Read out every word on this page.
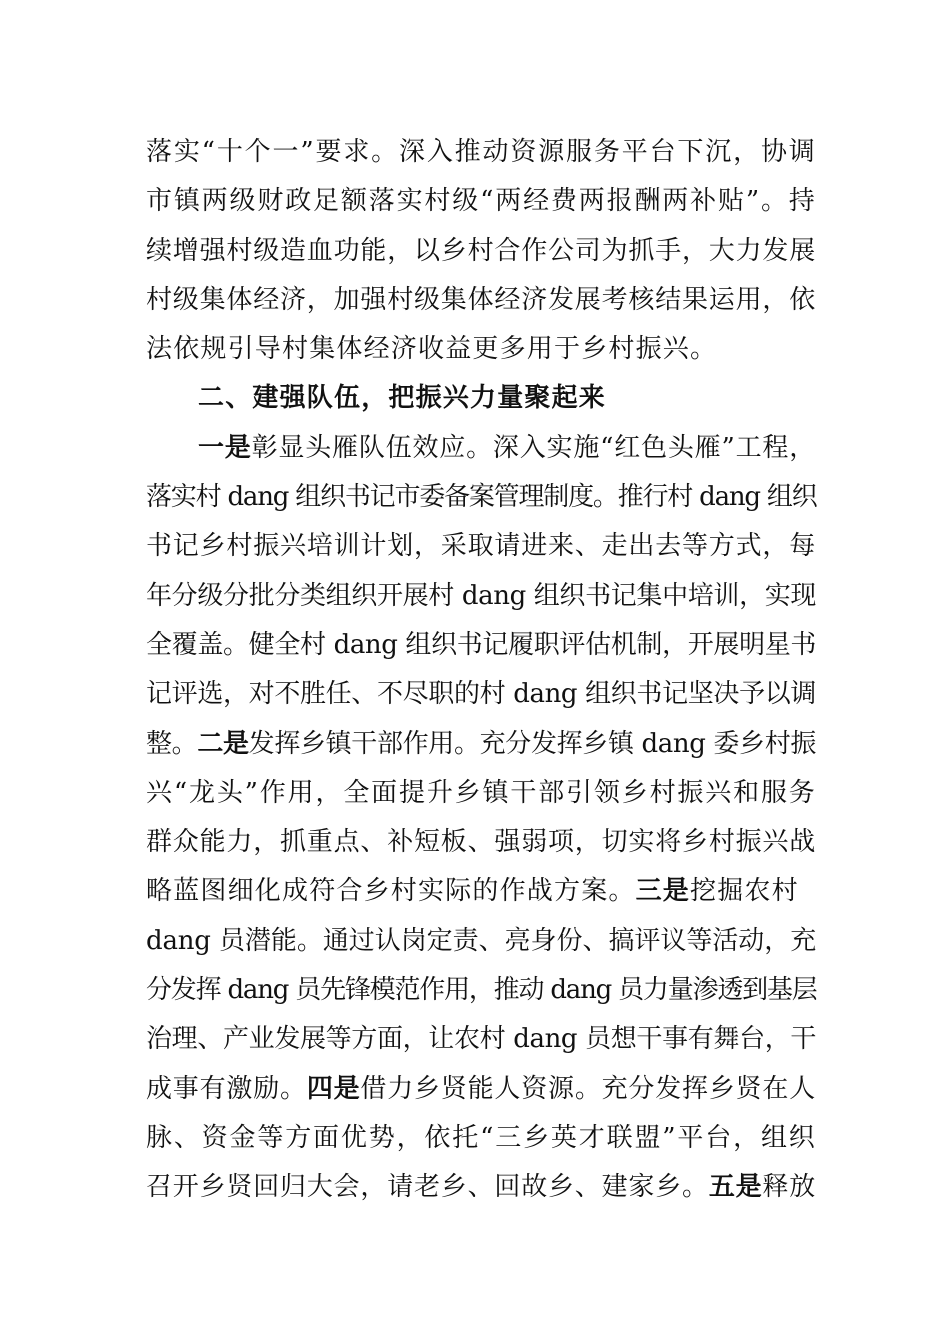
落实“十个一”要求。深入推动资源服务平台下沉，协调
市镇两级财政足额落实村级“两经费两报酬两补贴”。持
续增强村级造血功能，以乡村合作公司为抓手，大力发展
村级集体经济，加强村级集体经济发展考核结果运用，依
法依规引导村集体经济收益更多用于乡村振兴。
二、建强队伍，把振兴力量聚起来
一是彰显头雁队伍效应。深入实施“红色头雁”工程，
落实村 dang 组织书记市委备案管理制度。推行村 dang 组织
书记乡村振兴培训计划，采取请进来、走出去等方式，每
年分级分批分类组织开展村 dang 组织书记集中培训，实现
全覆盖。健全村 dang 组织书记履职评估机制，开展明星书
记评选，对不胜任、不尽职的村 dang 组织书记坚决予以调
整。二是发挥乡镇干部作用。充分发挥乡镇 dang 委乡村振
兴“龙头”作用，全面提升乡镇干部引领乡村振兴和服务
群众能力，抓重点、补短板、强弱项，切实将乡村振兴战
略蓝图细化成符合乡村实际的作战方案。三是挖掘农村
dang 员潜能。通过认岗定责、亮身份、搞评议等活动，充
分发挥 dang 员先锋模范作用，推动 dang 员力量渗透到基层
治理、产业发展等方面，让农村 dang 员想干事有舞台，干
成事有激励。四是借力乡贤能人资源。充分发挥乡贤在人
脉、资金等方面优势，依托“三乡英才联盟”平台，组织
召开乡贤回归大会，请老乡、回故乡、建家乡。五是释放
